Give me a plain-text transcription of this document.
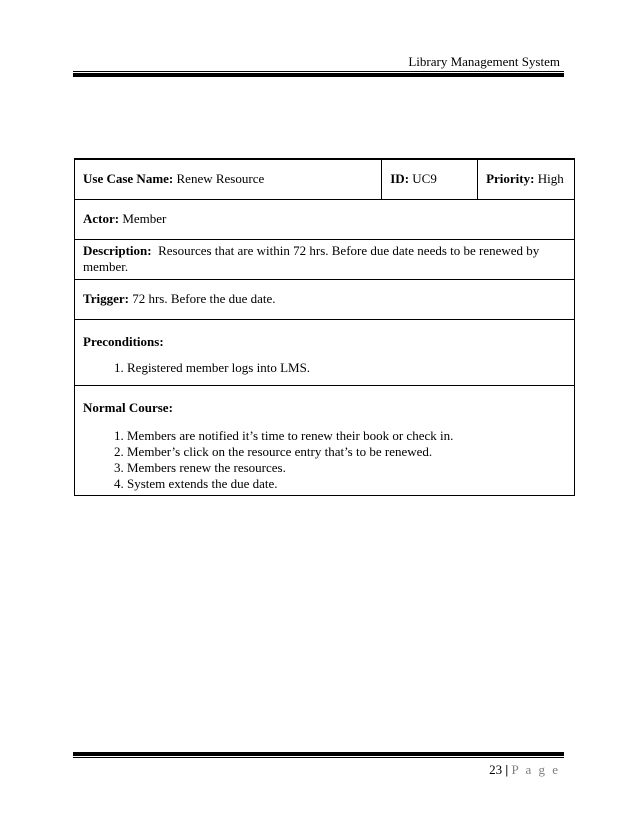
Library Management System
Use Case Name: Renew Resource	ID: UC9	Priority: High
Actor: Member
Description: Resources that are within 72 hrs. Before due date needs to be renewed by member.
Trigger: 72 hrs. Before the due date.

Preconditions:
1. Registered member logs into LMS.

Normal Course:
1. Members are notified it’s time to renew their book or check in.
2. Member’s click on the resource entry that’s to be renewed.
3. Members renew the resources.
4. System extends the due date.
23 | P a g e
